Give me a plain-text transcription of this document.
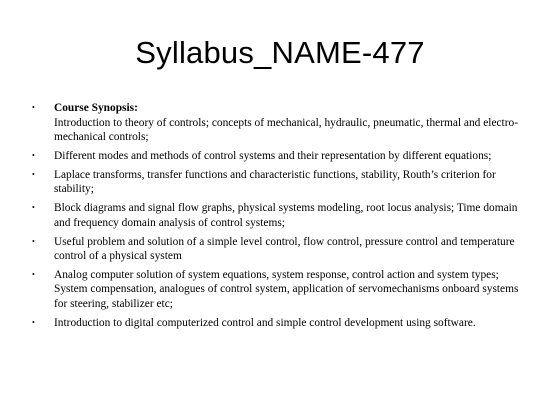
Syllabus_NAME-477
•	Course Synopsis:
Introduction to theory of controls; concepts of mechanical, hydraulic, pneumatic, thermal and electro-mechanical controls;
•	Different modes and methods of control systems and their representation by different equations;
•	Laplace transforms, transfer functions and characteristic functions, stability, Routh’s criterion for stability;
•	Block diagrams and signal flow graphs, physical systems modeling, root locus analysis; Time domain and frequency domain analysis of control systems;
•	Useful problem and solution of a simple level control, flow control, pressure control and temperature control of a physical system
•	Analog computer solution of system equations, system response, control action and system types; System compensation, analogues of control system, application of servomechanisms onboard systems for steering, stabilizer etc;
•	Introduction to digital computerized control and simple control development using software.
